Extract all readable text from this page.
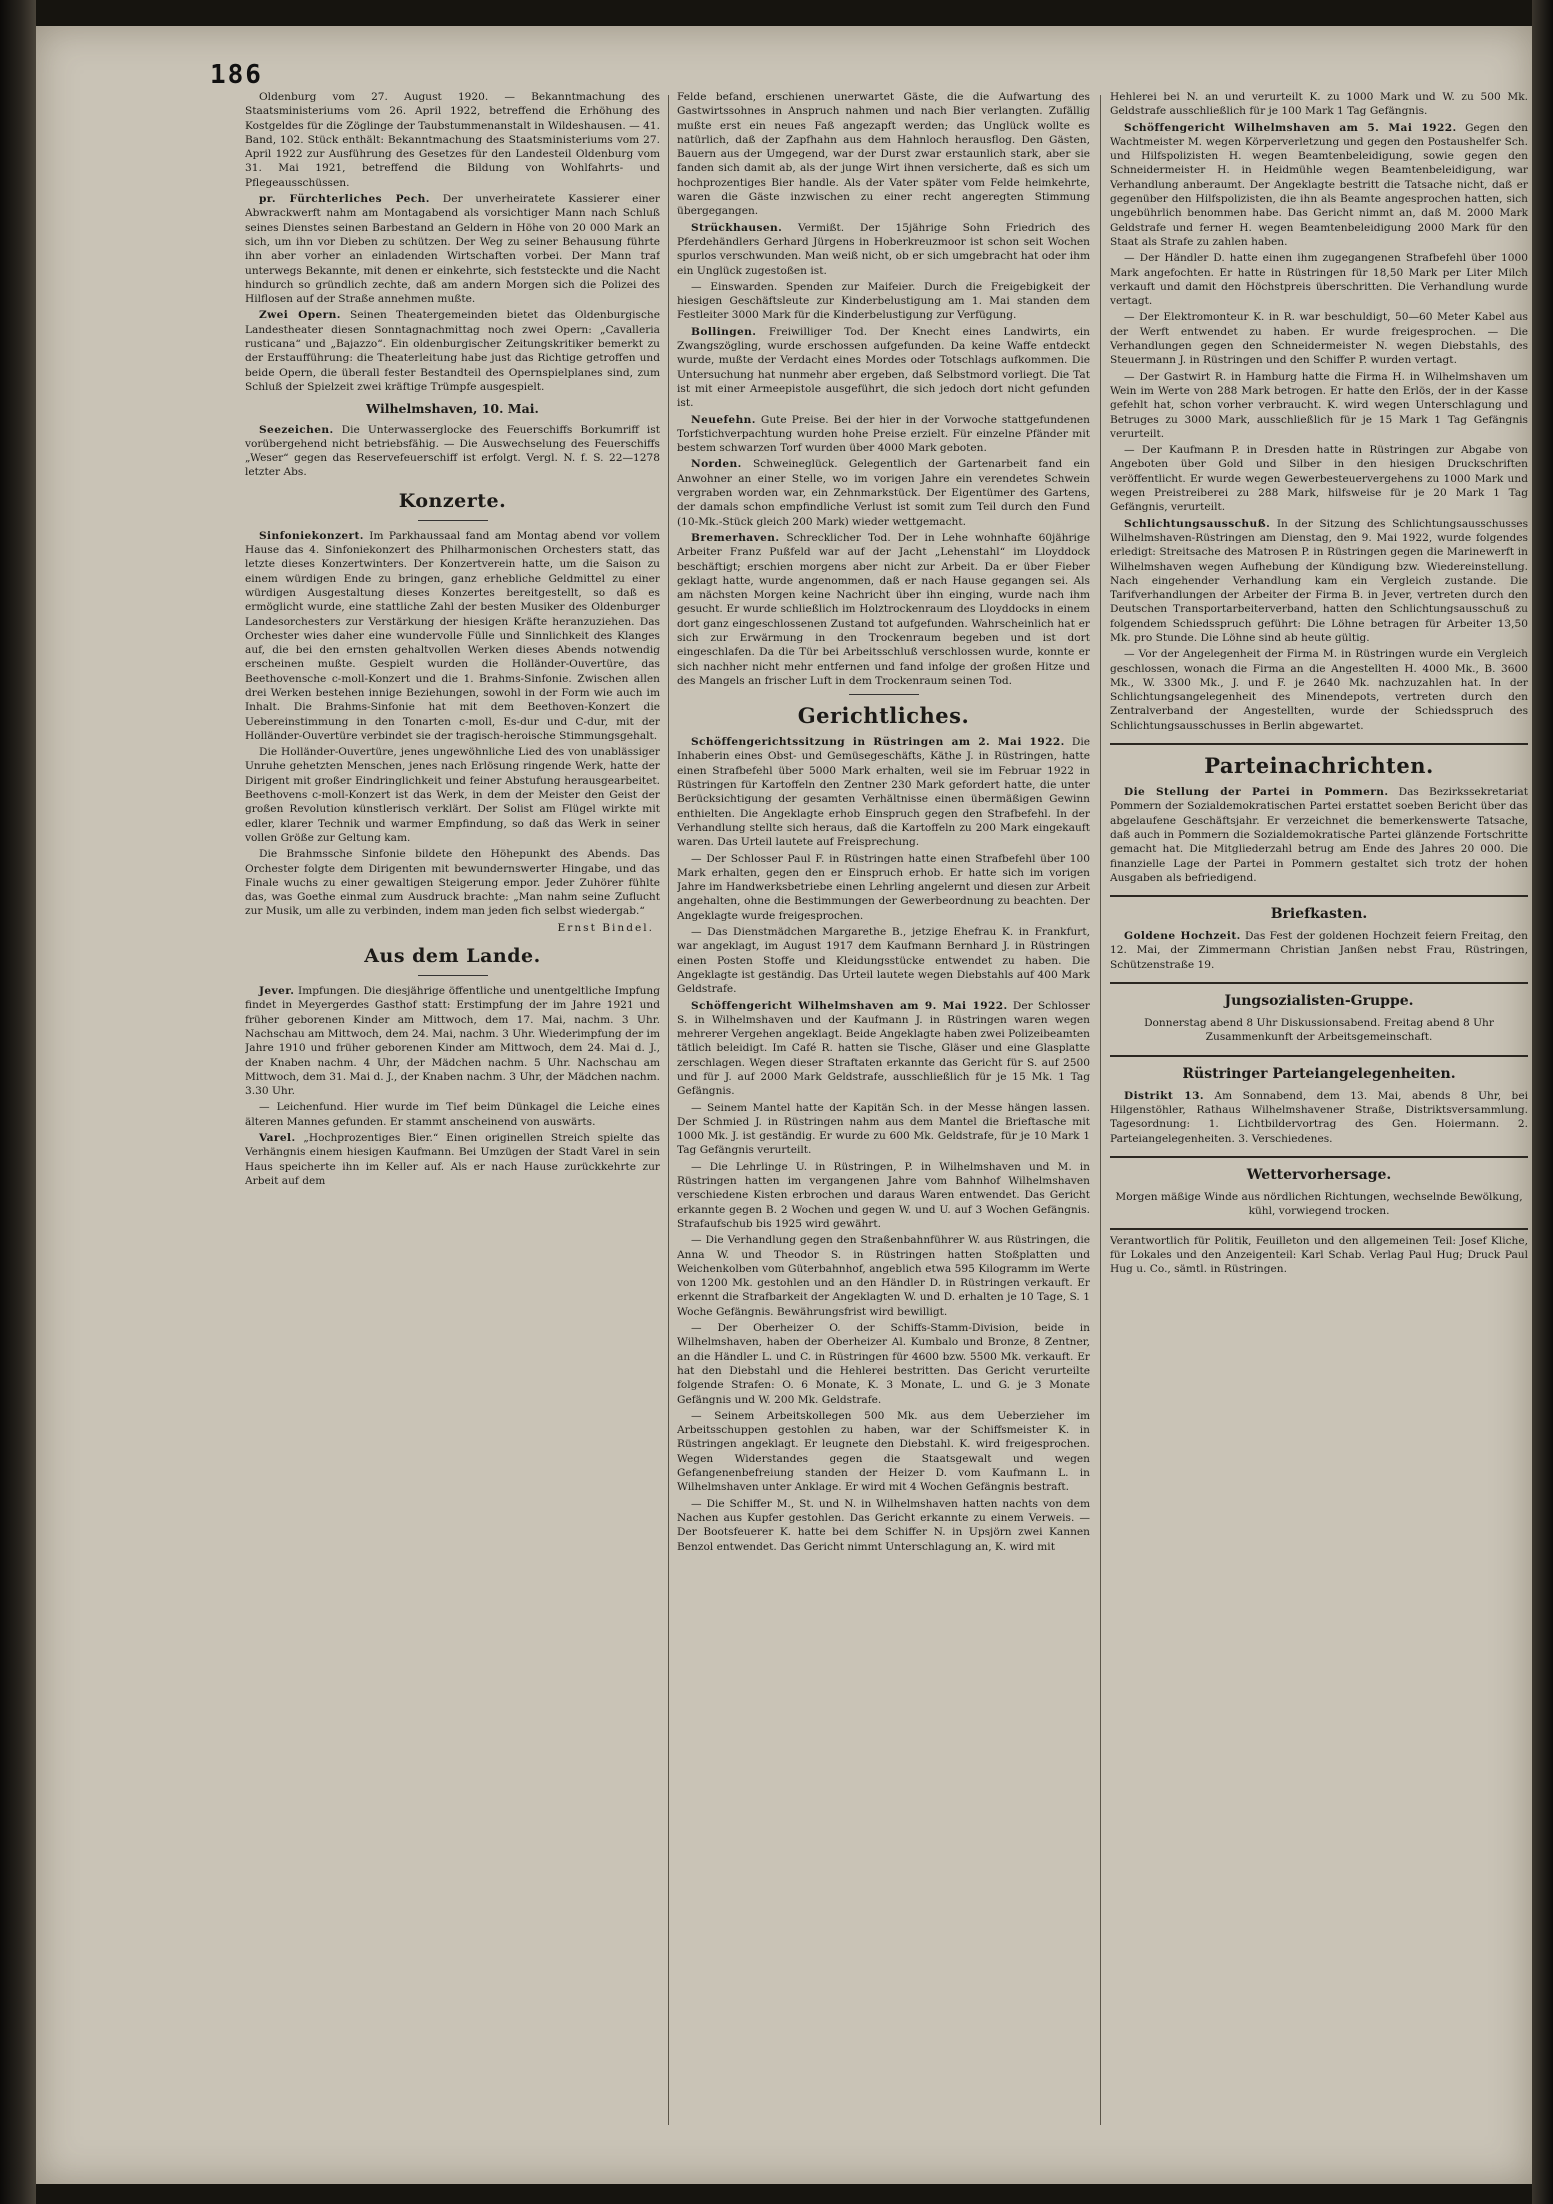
186

Oldenburg vom 27. August 1920. — Bekanntmachung des Staatsministeriums vom 26. April 1922, betreffend die Erhöhung des Kostgeldes für die Zöglinge der Taubstummenanstalt in Wildeshausen. — 41. Band, 102. Stück enthält: Bekanntmachung des Staatsministeriums vom 27. April 1922 zur Ausführung des Gesetzes für den Landesteil Oldenburg vom 31. Mai 1921, betreffend die Bildung von Wohlfahrts- und Pflegeausschüssen.

pr. Fürchterliches Pech. Der unverheiratete Kassierer einer Abwrackwerft nahm am Montagabend als vorsichtiger Mann nach Schluß seines Dienstes seinen Barbestand an Geldern in Höhe von 20 000 Mark an sich, um ihn vor Dieben zu schützen. Der Weg zu seiner Behausung führte ihn aber vorher an einladenden Wirtschaften vorbei. Der Mann traf unterwegs Bekannte, mit denen er einkehrte, sich feststeckte und die Nacht hindurch so gründlich zechte, daß am andern Morgen sich die Polizei des Hilflosen auf der Straße annehmen mußte.

Zwei Opern. Seinen Theatergemeinden bietet das Oldenburgische Landestheater diesen Sonntagnachmittag noch zwei Opern: „Cavalleria rusticana“ und „Bajazzo“. Ein oldenburgischer Zeitungskritiker bemerkt zu der Erstaufführung: die Theaterleitung habe just das Richtige getroffen und beide Opern, die überall fester Bestandteil des Opernspielplanes sind, zum Schluß der Spielzeit zwei kräftige Trümpfe ausgespielt.

Wilhelmshaven, 10. Mai.

Seezeichen. Die Unterwasserglocke des Feuerschiffs Borkumriff ist vorübergehend nicht betriebsfähig. — Die Auswechselung des Feuerschiffs „Weser“ gegen das Reservefeuerschiff ist erfolgt. Vergl. N. f. S. 22—1278 letzter Abs.

Konzerte.

Sinfoniekonzert. Im Parkhaussaal fand am Montag abend vor vollem Hause das 4. Sinfoniekonzert des Philharmonischen Orchesters statt, das letzte dieses Konzertwinters. Der Konzertverein hatte, um die Saison zu einem würdigen Ende zu bringen, ganz erhebliche Geldmittel zu einer würdigen Ausgestaltung dieses Konzertes bereitgestellt, so daß es ermöglicht wurde, eine stattliche Zahl der besten Musiker des Oldenburger Landesorchesters zur Verstärkung der hiesigen Kräfte heranzuziehen. Das Orchester wies daher eine wundervolle Fülle und Sinnlichkeit des Klanges auf, die bei den ernsten gehaltvollen Werken dieses Abends notwendig erscheinen mußte. Gespielt wurden die Holländer-Ouvertüre, das Beethovensche c-moll-Konzert und die 1. Brahms-Sinfonie. Zwischen allen drei Werken bestehen innige Beziehungen, sowohl in der Form wie auch im Inhalt. Die Brahms-Sinfonie hat mit dem Beethoven-Konzert die Uebereinstimmung in den Tonarten c-moll, Es-dur und C-dur, mit der Holländer-Ouvertüre verbindet sie der tragisch-heroische Stimmungsgehalt.

Die Holländer-Ouvertüre, jenes ungewöhnliche Lied des von unablässiger Unruhe gehetzten Menschen, jenes nach Erlösung ringende Werk, hatte der Dirigent mit großer Eindringlichkeit und feiner Abstufung herausgearbeitet. Beethovens c-moll-Konzert ist das Werk, in dem der Meister den Geist der großen Revolution künstlerisch verklärt. Der Solist am Flügel wirkte mit edler, klarer Technik und warmer Empfindung, so daß das Werk in seiner vollen Größe zur Geltung kam.

Die Brahmssche Sinfonie bildete den Höhepunkt des Abends. Das Orchester folgte dem Dirigenten mit bewundernswerter Hingabe, und das Finale wuchs zu einer gewaltigen Steigerung empor. Jeder Zuhörer fühlte das, was Goethe einmal zum Ausdruck brachte: „Man nahm seine Zuflucht zur Musik, um alle zu verbinden, indem man jeden fich selbst wiedergab.“

Ernst Bindel.
Aus dem Lande.

Jever. Impfungen. Die diesjährige öffentliche und unentgeltliche Impfung findet in Meyergerdes Gasthof statt: Erstimpfung der im Jahre 1921 und früher geborenen Kinder am Mittwoch, dem 17. Mai, nachm. 3 Uhr. Nachschau am Mittwoch, dem 24. Mai, nachm. 3 Uhr. Wiederimpfung der im Jahre 1910 und früher geborenen Kinder am Mittwoch, dem 24. Mai d. J., der Knaben nachm. 4 Uhr, der Mädchen nachm. 5 Uhr. Nachschau am Mittwoch, dem 31. Mai d. J., der Knaben nachm. 3 Uhr, der Mädchen nachm. 3.30 Uhr.

— Leichenfund. Hier wurde im Tief beim Dünkagel die Leiche eines älteren Mannes gefunden. Er stammt anscheinend von auswärts.

Varel. „Hochprozentiges Bier.“ Einen originellen Streich spielte das Verhängnis einem hiesigen Kaufmann. Bei Umzügen der Stadt Varel in sein Haus speicherte ihn im Keller auf. Als er nach Hause zurückkehrte zur Arbeit auf dem

Felde befand, erschienen unerwartet Gäste, die die Aufwartung des Gastwirtssohnes in Anspruch nahmen und nach Bier verlangten. Zufällig mußte erst ein neues Faß angezapft werden; das Unglück wollte es natürlich, daß der Zapfhahn aus dem Hahnloch herausflog. Den Gästen, Bauern aus der Umgegend, war der Durst zwar erstaunlich stark, aber sie fanden sich damit ab, als der junge Wirt ihnen versicherte, daß es sich um hochprozentiges Bier handle. Als der Vater später vom Felde heimkehrte, waren die Gäste inzwischen zu einer recht angeregten Stimmung übergegangen.

Strückhausen. Vermißt. Der 15jährige Sohn Friedrich des Pferdehändlers Gerhard Jürgens in Hoberkreuzmoor ist schon seit Wochen spurlos verschwunden. Man weiß nicht, ob er sich umgebracht hat oder ihm ein Unglück zugestoßen ist.

— Einswarden. Spenden zur Maifeier. Durch die Freigebigkeit der hiesigen Geschäftsleute zur Kinderbelustigung am 1. Mai standen dem Festleiter 3000 Mark für die Kinderbelustigung zur Verfügung.

Bollingen. Freiwilliger Tod. Der Knecht eines Landwirts, ein Zwangszögling, wurde erschossen aufgefunden. Da keine Waffe entdeckt wurde, mußte der Verdacht eines Mordes oder Totschlags aufkommen. Die Untersuchung hat nunmehr aber ergeben, daß Selbstmord vorliegt. Die Tat ist mit einer Armeepistole ausgeführt, die sich jedoch dort nicht gefunden ist.

Neuefehn. Gute Preise. Bei der hier in der Vorwoche stattgefundenen Torfstichverpachtung wurden hohe Preise erzielt. Für einzelne Pfänder mit bestem schwarzen Torf wurden über 4000 Mark geboten.

Norden. Schweineglück. Gelegentlich der Gartenarbeit fand ein Anwohner an einer Stelle, wo im vorigen Jahre ein verendetes Schwein vergraben worden war, ein Zehnmarkstück. Der Eigentümer des Gartens, der damals schon empfindliche Verlust ist somit zum Teil durch den Fund (10-Mk.-Stück gleich 200 Mark) wieder wettgemacht.

Bremerhaven. Schrecklicher Tod. Der in Lehe wohnhafte 60jährige Arbeiter Franz Pußfeld war auf der Jacht „Lehenstahl“ im Lloyddock beschäftigt; erschien morgens aber nicht zur Arbeit. Da er über Fieber geklagt hatte, wurde angenommen, daß er nach Hause gegangen sei. Als am nächsten Morgen keine Nachricht über ihn einging, wurde nach ihm gesucht. Er wurde schließlich im Holztrockenraum des Lloyddocks in einem dort ganz eingeschlossenen Zustand tot aufgefunden. Wahrscheinlich hat er sich zur Erwärmung in den Trockenraum begeben und ist dort eingeschlafen. Da die Tür bei Arbeitsschluß verschlossen wurde, konnte er sich nachher nicht mehr entfernen und fand infolge der großen Hitze und des Mangels an frischer Luft in dem Trockenraum seinen Tod.

Gerichtliches.

Schöffengerichtssitzung in Rüstringen am 2. Mai 1922. Die Inhaberin eines Obst- und Gemüsegeschäfts, Käthe J. in Rüstringen, hatte einen Strafbefehl über 5000 Mark erhalten, weil sie im Februar 1922 in Rüstringen für Kartoffeln den Zentner 230 Mark gefordert hatte, die unter Berücksichtigung der gesamten Verhältnisse einen übermäßigen Gewinn enthielten. Die Angeklagte erhob Einspruch gegen den Strafbefehl. In der Verhandlung stellte sich heraus, daß die Kartoffeln zu 200 Mark eingekauft waren. Das Urteil lautete auf Freisprechung.

— Der Schlosser Paul F. in Rüstringen hatte einen Strafbefehl über 100 Mark erhalten, gegen den er Einspruch erhob. Er hatte sich im vorigen Jahre im Handwerksbetriebe einen Lehrling angelernt und diesen zur Arbeit angehalten, ohne die Bestimmungen der Gewerbeordnung zu beachten. Der Angeklagte wurde freigesprochen.

— Das Dienstmädchen Margarethe B., jetzige Ehefrau K. in Frankfurt, war angeklagt, im August 1917 dem Kaufmann Bernhard J. in Rüstringen einen Posten Stoffe und Kleidungsstücke entwendet zu haben. Die Angeklagte ist geständig. Das Urteil lautete wegen Diebstahls auf 400 Mark Geldstrafe.

Schöffengericht Wilhelmshaven am 9. Mai 1922. Der Schlosser S. in Wilhelmshaven und der Kaufmann J. in Rüstringen waren wegen mehrerer Vergehen angeklagt. Beide Angeklagte haben zwei Polizeibeamten tätlich beleidigt. Im Café R. hatten sie Tische, Gläser und eine Glasplatte zerschlagen. Wegen dieser Straftaten erkannte das Gericht für S. auf 2500 und für J. auf 2000 Mark Geldstrafe, ausschließlich für je 15 Mk. 1 Tag Gefängnis.

— Seinem Mantel hatte der Kapitän Sch. in der Messe hängen lassen. Der Schmied J. in Rüstringen nahm aus dem Mantel die Brieftasche mit 1000 Mk. J. ist geständig. Er wurde zu 600 Mk. Geldstrafe, für je 10 Mark 1 Tag Gefängnis verurteilt.

— Die Lehrlinge U. in Rüstringen, P. in Wilhelmshaven und M. in Rüstringen hatten im vergangenen Jahre vom Bahnhof Wilhelmshaven verschiedene Kisten erbrochen und daraus Waren entwendet. Das Gericht erkannte gegen B. 2 Wochen und gegen W. und U. auf 3 Wochen Gefängnis. Strafaufschub bis 1925 wird gewährt.

— Die Verhandlung gegen den Straßenbahnführer W. aus Rüstringen, die Anna W. und Theodor S. in Rüstringen hatten Stoßplatten und Weichenkolben vom Güterbahnhof, angeblich etwa 595 Kilogramm im Werte von 1200 Mk. gestohlen und an den Händler D. in Rüstringen verkauft. Er erkennt die Strafbarkeit der Angeklagten W. und D. erhalten je 10 Tage, S. 1 Woche Gefängnis. Bewährungsfrist wird bewilligt.

— Der Oberheizer O. der Schiffs-Stamm-Division, beide in Wilhelmshaven, haben der Oberheizer Al. Kumbalo und Bronze, 8 Zentner, an die Händler L. und C. in Rüstringen für 4600 bzw. 5500 Mk. verkauft. Er hat den Diebstahl und die Hehlerei bestritten. Das Gericht verurteilte folgende Strafen: O. 6 Monate, K. 3 Monate, L. und G. je 3 Monate Gefängnis und W. 200 Mk. Geldstrafe.

— Seinem Arbeitskollegen 500 Mk. aus dem Ueberzieher im Arbeitsschuppen gestohlen zu haben, war der Schiffsmeister K. in Rüstringen angeklagt. Er leugnete den Diebstahl. K. wird freigesprochen. Wegen Widerstandes gegen die Staatsgewalt und wegen Gefangenenbefreiung standen der Heizer D. vom Kaufmann L. in Wilhelmshaven unter Anklage. Er wird mit 4 Wochen Gefängnis bestraft.

— Die Schiffer M., St. und N. in Wilhelmshaven hatten nachts von dem Nachen aus Kupfer gestohlen. Das Gericht erkannte zu einem Verweis. — Der Bootsfeuerer K. hatte bei dem Schiffer N. in Upsjörn zwei Kannen Benzol entwendet. Das Gericht nimmt Unterschlagung an, K. wird mit

Hehlerei bei N. an und verurteilt K. zu 1000 Mark und W. zu 500 Mk. Geldstrafe ausschließlich für je 100 Mark 1 Tag Gefängnis.

Schöffengericht Wilhelmshaven am 5. Mai 1922. Gegen den Wachtmeister M. wegen Körperverletzung und gegen den Postaushelfer Sch. und Hilfspolizisten H. wegen Beamtenbeleidigung, sowie gegen den Schneidermeister H. in Heidmühle wegen Beamtenbeleidigung, war Verhandlung anberaumt. Der Angeklagte bestritt die Tatsache nicht, daß er gegenüber den Hilfspolizisten, die ihn als Beamte angesprochen hatten, sich ungebührlich benommen habe. Das Gericht nimmt an, daß M. 2000 Mark Geldstrafe und ferner H. wegen Beamtenbeleidigung 2000 Mark für den Staat als Strafe zu zahlen haben.

— Der Händler D. hatte einen ihm zugegangenen Strafbefehl über 1000 Mark angefochten. Er hatte in Rüstringen für 18,50 Mark per Liter Milch verkauft und damit den Höchstpreis überschritten. Die Verhandlung wurde vertagt.

— Der Elektromonteur K. in R. war beschuldigt, 50—60 Meter Kabel aus der Werft entwendet zu haben. Er wurde freigesprochen. — Die Verhandlungen gegen den Schneidermeister N. wegen Diebstahls, des Steuermann J. in Rüstringen und den Schiffer P. wurden vertagt.

— Der Gastwirt R. in Hamburg hatte die Firma H. in Wilhelmshaven um Wein im Werte von 288 Mark betrogen. Er hatte den Erlös, der in der Kasse gefehlt hat, schon vorher verbraucht. K. wird wegen Unterschlagung und Betruges zu 3000 Mark, ausschließlich für je 15 Mark 1 Tag Gefängnis verurteilt.

— Der Kaufmann P. in Dresden hatte in Rüstringen zur Abgabe von Angeboten über Gold und Silber in den hiesigen Druckschriften veröffentlicht. Er wurde wegen Gewerbesteuervergehens zu 1000 Mark und wegen Preistreiberei zu 288 Mark, hilfsweise für je 20 Mark 1 Tag Gefängnis, verurteilt.

Schlichtungsausschuß. In der Sitzung des Schlichtungsausschusses Wilhelmshaven-Rüstringen am Dienstag, den 9. Mai 1922, wurde folgendes erledigt: Streitsache des Matrosen P. in Rüstringen gegen die Marinewerft in Wilhelmshaven wegen Aufhebung der Kündigung bzw. Wiedereinstellung. Nach eingehender Verhandlung kam ein Vergleich zustande. Die Tarifverhandlungen der Arbeiter der Firma B. in Jever, vertreten durch den Deutschen Transportarbeiterverband, hatten den Schlichtungsausschuß zu folgendem Schiedsspruch geführt: Die Löhne betragen für Arbeiter 13,50 Mk. pro Stunde. Die Löhne sind ab heute gültig.

— Vor der Angelegenheit der Firma M. in Rüstringen wurde ein Vergleich geschlossen, wonach die Firma an die Angestellten H. 4000 Mk., B. 3600 Mk., W. 3300 Mk., J. und F. je 2640 Mk. nachzuzahlen hat. In der Schlichtungsangelegenheit des Minendepots, vertreten durch den Zentralverband der Angestellten, wurde der Schiedsspruch des Schlichtungsausschusses in Berlin abgewartet.

Parteinachrichten.

Die Stellung der Partei in Pommern. Das Bezirkssekretariat Pommern der Sozialdemokratischen Partei erstattet soeben Bericht über das abgelaufene Geschäftsjahr. Er verzeichnet die bemerkenswerte Tatsache, daß auch in Pommern die Sozialdemokratische Partei glänzende Fortschritte gemacht hat. Die Mitgliederzahl betrug am Ende des Jahres 20 000. Die finanzielle Lage der Partei in Pommern gestaltet sich trotz der hohen Ausgaben als befriedigend.

Briefkasten.

Goldene Hochzeit. Das Fest der goldenen Hochzeit feiern Freitag, den 12. Mai, der Zimmermann Christian Janßen nebst Frau, Rüstringen, Schützenstraße 19.

Jungsozialisten-Gruppe.
Donnerstag abend 8 Uhr Diskussionsabend. Freitag abend 8 Uhr Zusammenkunft der Arbeitsgemeinschaft.
Rüstringer Parteiangelegenheiten.

Distrikt 13. Am Sonnabend, dem 13. Mai, abends 8 Uhr, bei Hilgenstöhler, Rathaus Wilhelmshavener Straße, Distriktsversammlung. Tagesordnung: 1. Lichtbildervortrag des Gen. Hoiermann. 2. Parteiangelegenheiten. 3. Verschiedenes.

Wettervorhersage.
Morgen mäßige Winde aus nördlichen Richtungen, wechselnde Bewölkung, kühl, vorwiegend trocken.
Verantwortlich für Politik, Feuilleton und den allgemeinen Teil: Josef Kliche, für Lokales und den Anzeigenteil: Karl Schab. Verlag Paul Hug; Druck Paul Hug u. Co., sämtl. in Rüstringen.
